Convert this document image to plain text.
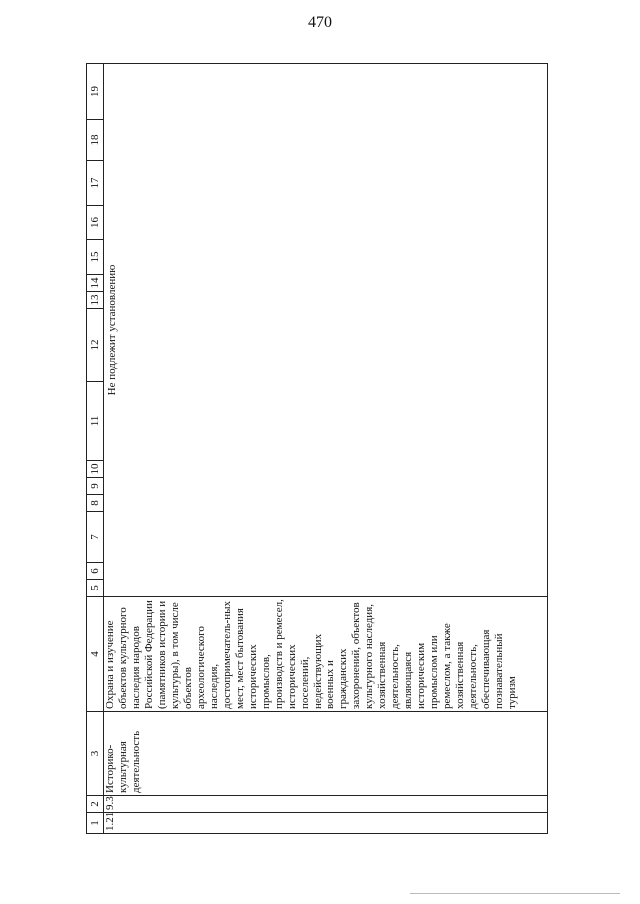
470
1	2	3	4	5	6	7	8	9	10	11	12	13	14	15	16	17	18	19
1.21	9.3	Историко-культурная деятельность	Охрана и изучение объектов культурного наследия народов Российской Федерации (памятников истории и культуры), в том числе объектов археологического наследия, достопримечатель-ных мест, мест бытования исторических промыслов, производств и ремесел, исторических поселений, недействующих военных и гражданских захоронений, объектов культурного наследия, хозяйственная деятельность, являющаяся историческим промыслом или ремеслом, а также хозяйственная деятельность, обеспечивающая познавательный туризм	Не подлежит установлению														
